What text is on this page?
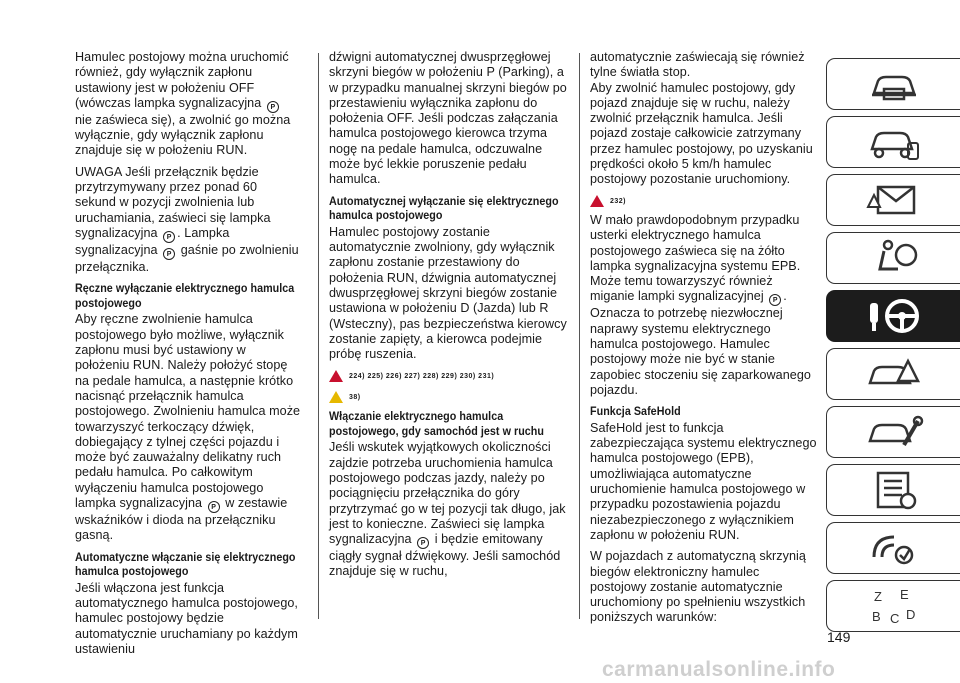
Hamulec postojowy można uruchomić również, gdy wyłącznik zapłonu ustawiony jest w położeniu OFF (wówczas lampka sygnalizacyjna P nie zaświeca się), a zwolnić go można wyłącznie, gdy wyłącznik zapłonu znajduje się w położeniu RUN.

UWAGA Jeśli przełącznik będzie przytrzymywany przez ponad 60 sekund w pozycji zwolnienia lub uruchamiania, zaświeci się lampka sygnalizacyjna P . Lampka sygnalizacyjna P gaśnie po zwolnieniu przełącznika.

Ręczne wyłączanie elektrycznego hamulca postojowego

Aby ręczne zwolnienie hamulca postojowego było możliwe, wyłącznik zapłonu musi być ustawiony w położeniu RUN. Należy położyć stopę na pedale hamulca, a następnie krótko nacisnąć przełącznik hamulca postojowego. Zwolnieniu hamulca może towarzyszyć terkoczący dźwięk, dobiegający z tylnej części pojazdu i może być zauważalny delikatny ruch pedału hamulca. Po całkowitym wyłączeniu hamulca postojowego lampka sygnalizacyjna P w zestawie wskaźników i dioda na przełączniku gasną.

Automatyczne włączanie się elektrycznego hamulca postojowego

Jeśli włączona jest funkcja automatycznego hamulca postojowego, hamulec postojowy będzie automatycznie uruchamiany po każdym ustawieniu

dźwigni automatycznej dwusprzęgłowej skrzyni biegów w położeniu P (Parking), a w przypadku manualnej skrzyni biegów po przestawieniu wyłącznika zapłonu do położenia OFF. Jeśli podczas załączania hamulca postojowego kierowca trzyma nogę na pedale hamulca, odczuwalne może być lekkie poruszenie pedału hamulca.

Automatycznej wyłączanie się elektrycznego hamulca postojowego

Hamulec postojowy zostanie automatycznie zwolniony, gdy wyłącznik zapłonu zostanie przestawiony do położenia RUN, dźwignia automatycznej dwusprzęgłowej skrzyni biegów zostanie ustawiona w położeniu D (Jazda) lub R (Wsteczny), pas bezpieczeństwa kierowcy zostanie zapięty, a kierowca podejmie próbę ruszenia.

224) 225) 226) 227) 228) 229) 230) 231)
38)
Włączanie elektrycznego hamulca postojowego, gdy samochód jest w ruchu

Jeśli wskutek wyjątkowych okoliczności zajdzie potrzeba uruchomienia hamulca postojowego podczas jazdy, należy po pociągnięciu przełącznika do góry przytrzymać go w tej pozycji tak długo, jak jest to konieczne. Zaświeci się lampka sygnalizacyjna P i będzie emitowany ciągły sygnał dźwiękowy. Jeśli samochód znajduje się w ruchu,

automatycznie zaświecają się również tylne światła stop.

Aby zwolnić hamulec postojowy, gdy pojazd znajduje się w ruchu, należy zwolnić przełącznik hamulca. Jeśli pojazd zostaje całkowicie zatrzymany przez hamulec postojowy, po uzyskaniu prędkości około 5 km/h hamulec postojowy pozostanie uruchomiony.

232)

W mało prawdopodobnym przypadku usterki elektrycznego hamulca postojowego zaświeca się na żółto lampka sygnalizacyjna systemu EPB. Może temu towarzyszyć również miganie lampki sygnalizacyjnej P . Oznacza to potrzebę niezwłocznej naprawy systemu elektrycznego hamulca postojowego. Hamulec postojowy może nie być w stanie zapobiec stoczeniu się zaparkowanego pojazdu.

Funkcja SafeHold

SafeHold jest to funkcja zabezpieczająca systemu elektrycznego hamulca postojowego (EPB), umożliwiająca automatyczne uruchomienie hamulca postojowego w przypadku pozostawienia pojazdu niezabezpieczonego z wyłącznikiem zapłonu w położeniu RUN.

W pojazdach z automatyczną skrzynią biegów elektroniczny hamulec postojowy zostanie automatycznie uruchomiony po spełnieniu wszystkich poniższych warunków:

Z E
B C D
149
carmanualsonline.info
